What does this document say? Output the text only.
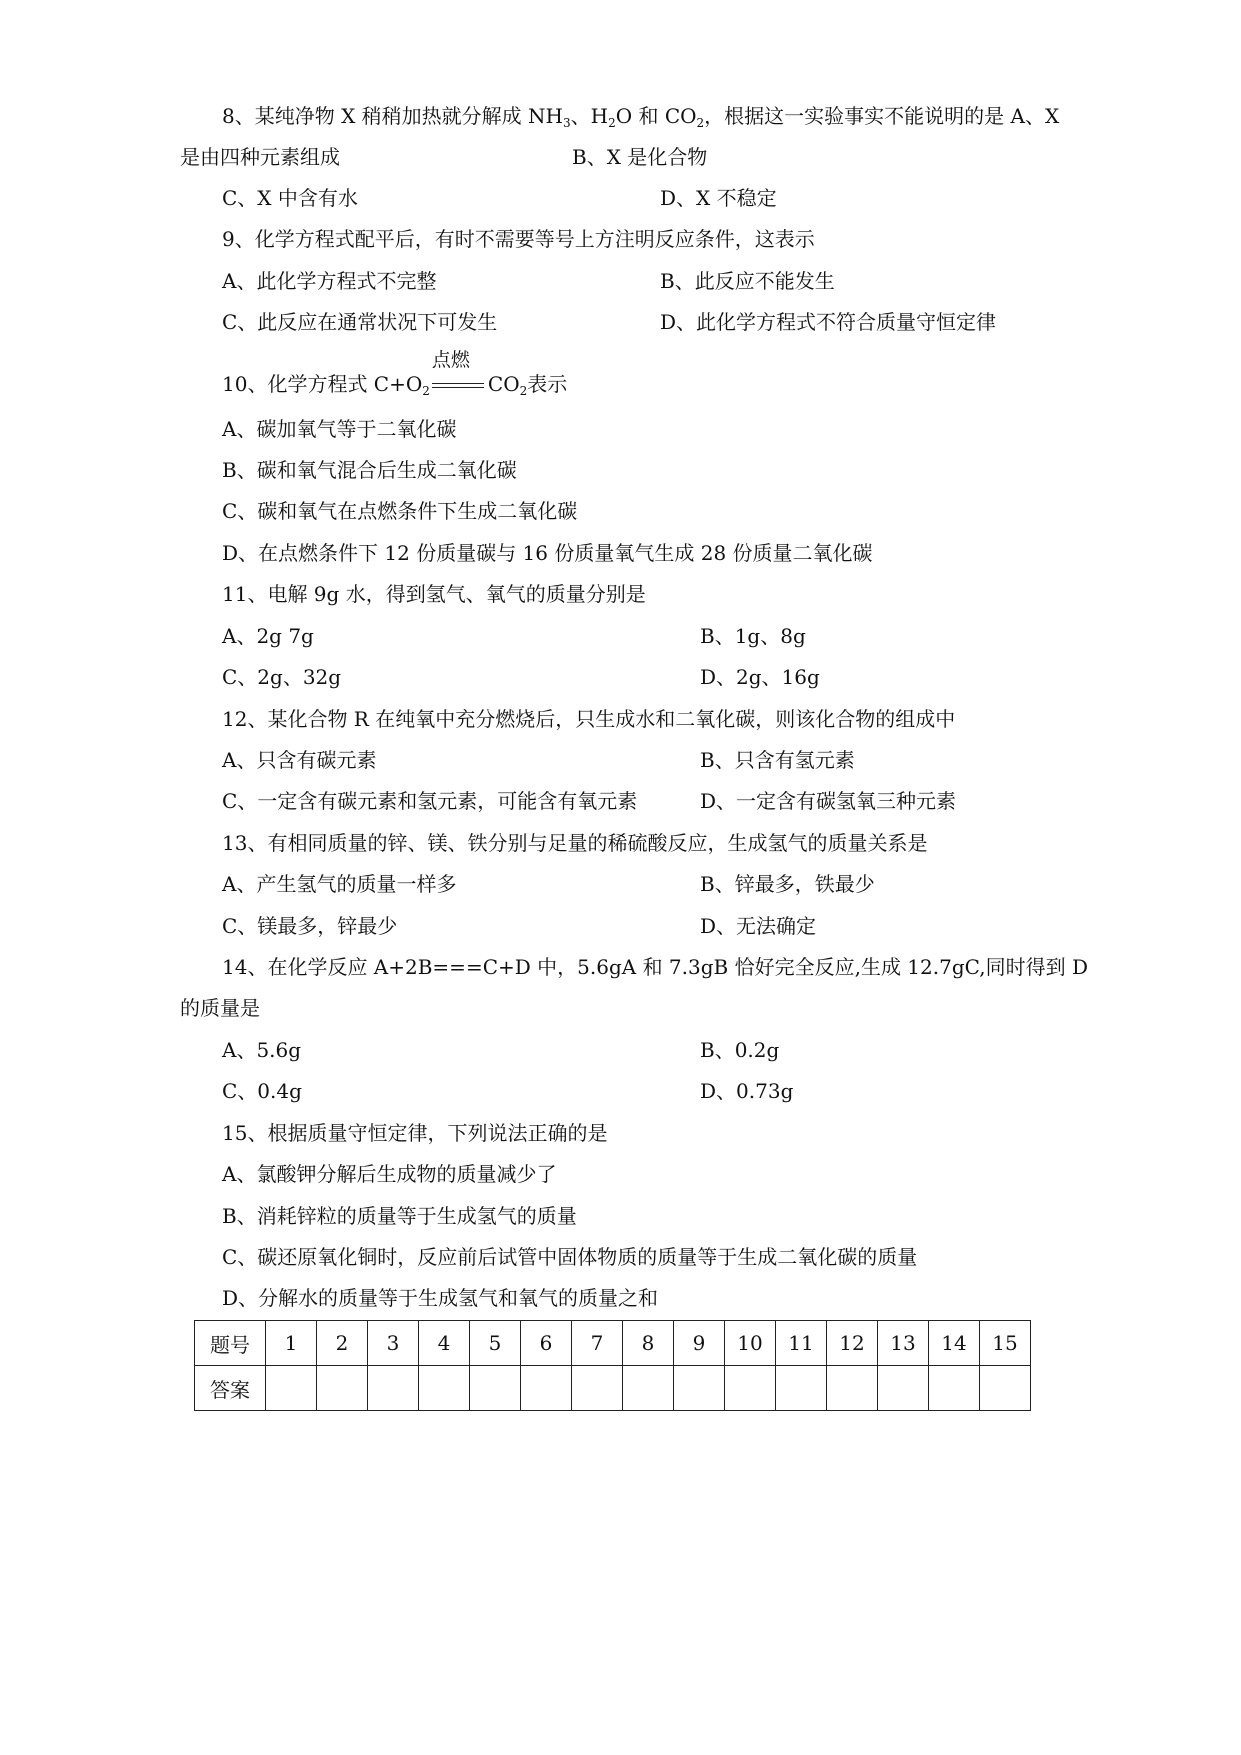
8、某纯净物 X 稍稍加热就分解成 $NH_3$、$H_2O$ 和 $CO_2$，根据这一实验事实不能说明的是 A、X
是由四种元素组成	B、X 是化合物
C、X 中含有水	D、X 不稳定
9、化学方程式配平后，有时不需要等号上方注明反应条件，这表示
A、此化学方程式不完整	B、此反应不能发生
C、此反应在通常状况下可发生	D、此化学方程式不符合质量守恒定律
10、化学方程式 $C+O_2$
点燃
$CO_2$表示
A、碳加氧气等于二氧化碳
B、碳和氧气混合后生成二氧化碳
C、碳和氧气在点燃条件下生成二氧化碳
D、在点燃条件下 12 份质量碳与 16 份质量氧气生成 28 份质量二氧化碳
11、电解 9g 水，得到氢气、氧气的质量分别是
A、2g 7g	B、1g、8g
C、2g、32g	D、2g、16g
12、某化合物 R 在纯氧中充分燃烧后，只生成水和二氧化碳，则该化合物的组成中
A、只含有碳元素	B、只含有氢元素
C、一定含有碳元素和氢元素，可能含有氧元素	D、一定含有碳氢氧三种元素
13、有相同质量的锌、镁、铁分别与足量的稀硫酸反应，生成氢气的质量关系是
A、产生氢气的质量一样多	B、锌最多，铁最少
C、镁最多，锌最少	D、无法确定
14、在化学反应 A+2B===C+D 中，5.6gA 和 7.3gB 恰好完全反应,生成 12.7gC,同时得到 D
的质量是
A、5.6g	B、0.2g
C、0.4g	D、0.73g
15、根据质量守恒定律，下列说法正确的是
A、氯酸钾分解后生成物的质量减少了
B、消耗锌粒的质量等于生成氢气的质量
C、碳还原氧化铜时，反应前后试管中固体物质的质量等于生成二氧化碳的质量
D、分解水的质量等于生成氢气和氧气的质量之和
题号	1	2	3	4	5	6	7	8	9	10	11	12	13	14	15
答案															
